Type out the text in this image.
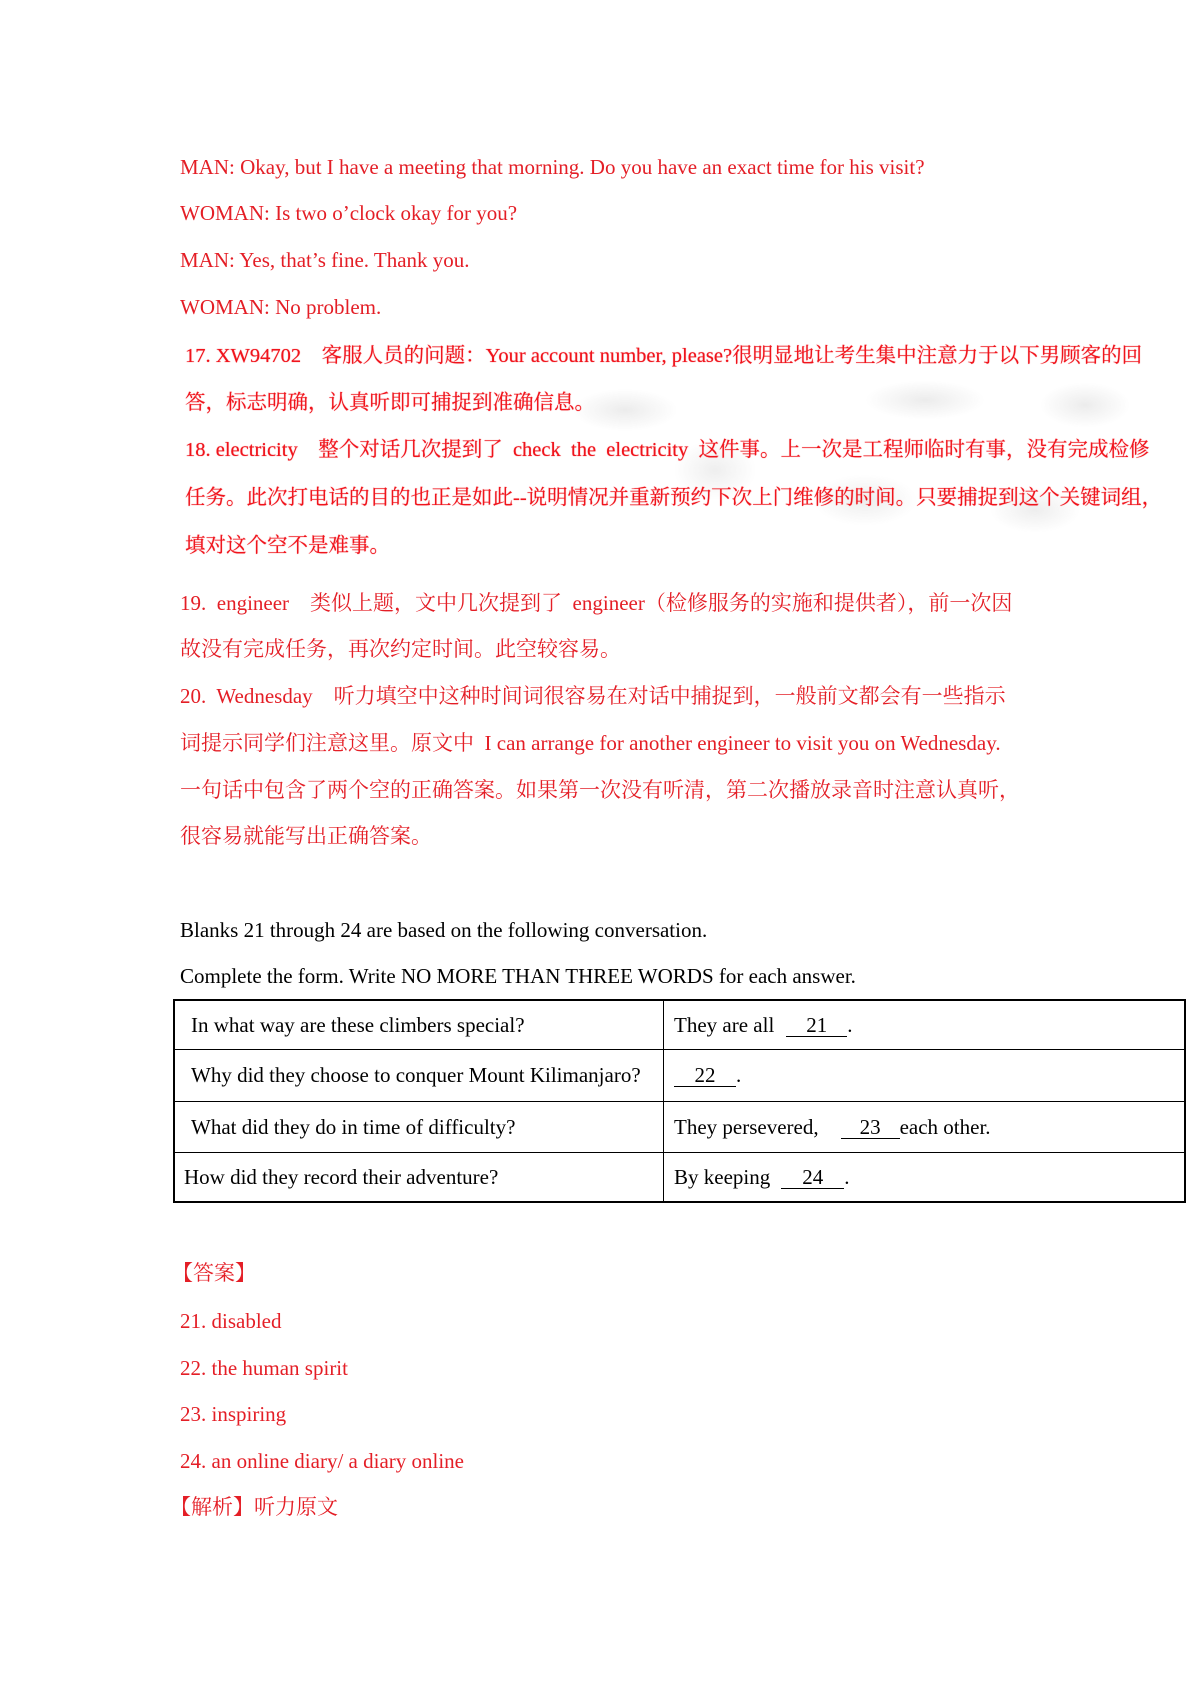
MAN: Okay, but I have a meeting that morning. Do you have an exact time for his visit?
WOMAN: Is two o’clock okay for you?
MAN: Yes, that’s fine. Thank you.
WOMAN: No problem.
17. XW94702    客服人员的问题：Your account number, please?很明显地让考生集中注意力于以下男顾客的回
答，标志明确，认真听即可捕捉到准确信息。
18. electricity    整个对话几次提到了  check  the  electricity  这件事。上一次是工程师临时有事，没有完成检修
任务。此次打电话的目的也正是如此--说明情况并重新预约下次上门维修的时间。只要捕捉到这个关键词组，
填对这个空不是难事。
19.  engineer    类似上题，文中几次提到了  engineer（检修服务的实施和提供者），前一次因
故没有完成任务，再次约定时间。此空较容易。
20.  Wednesday    听力填空中这种时间词很容易在对话中捕捉到，一般前文都会有一些指示
词提示同学们注意这里。原文中  I can arrange for another engineer to visit you on Wednesday.
一句话中包含了两个空的正确答案。如果第一次没有听清，第二次播放录音时注意认真听，
很容易就能写出正确答案。
Blanks 21 through 24 are based on the following conversation.
Complete the form. Write NO MORE THAN THREE WORDS for each answer.
In what way are these climbers special?	They are all 21 .
Why did they choose to conquer Mount Kilimanjaro?	22 .
What did they do in time of difficulty?	They persevered, 23 each other.
How did they record their adventure?	By keeping 24 .
【答案】
21. disabled
22. the human spirit
23. inspiring
24. an online diary/ a diary online
【解析】听力原文
